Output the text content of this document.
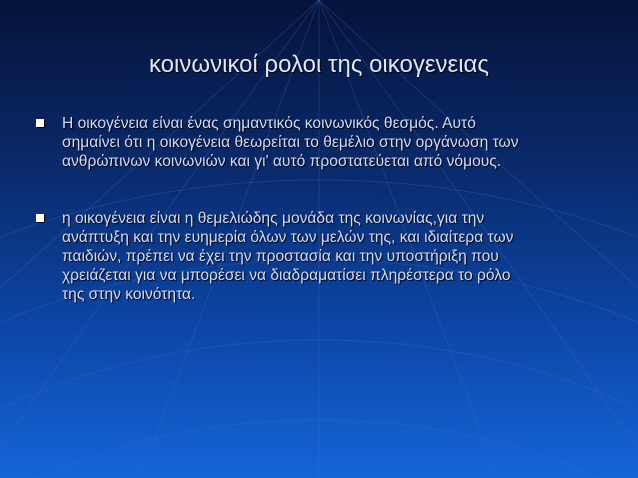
κοινωνικοί ρολοι της οικογενειας
Η οικογένεια είναι ένας σημαντικός κοινωνικός θεσμός. Αυτό
σημαίνει ότι η οικογένεια θεωρείται το θεμέλιο στην οργάνωση των
ανθρώπινων κοινωνιών και γι' αυτό προστατεύεται από νόμους.
η οικογένεια είναι η θεμελιώδης μονάδα της κοινωνίας,για την
ανάπτυξη και την ευημερία όλων των μελών της, και ιδιαίτερα των
παιδιών, πρέπει να έχει την προστασία και την υποστήριξη που
χρειάζεται για να μπορέσει να διαδραματίσει πληρέστερα το ρόλο
της στην κοινότητα.
